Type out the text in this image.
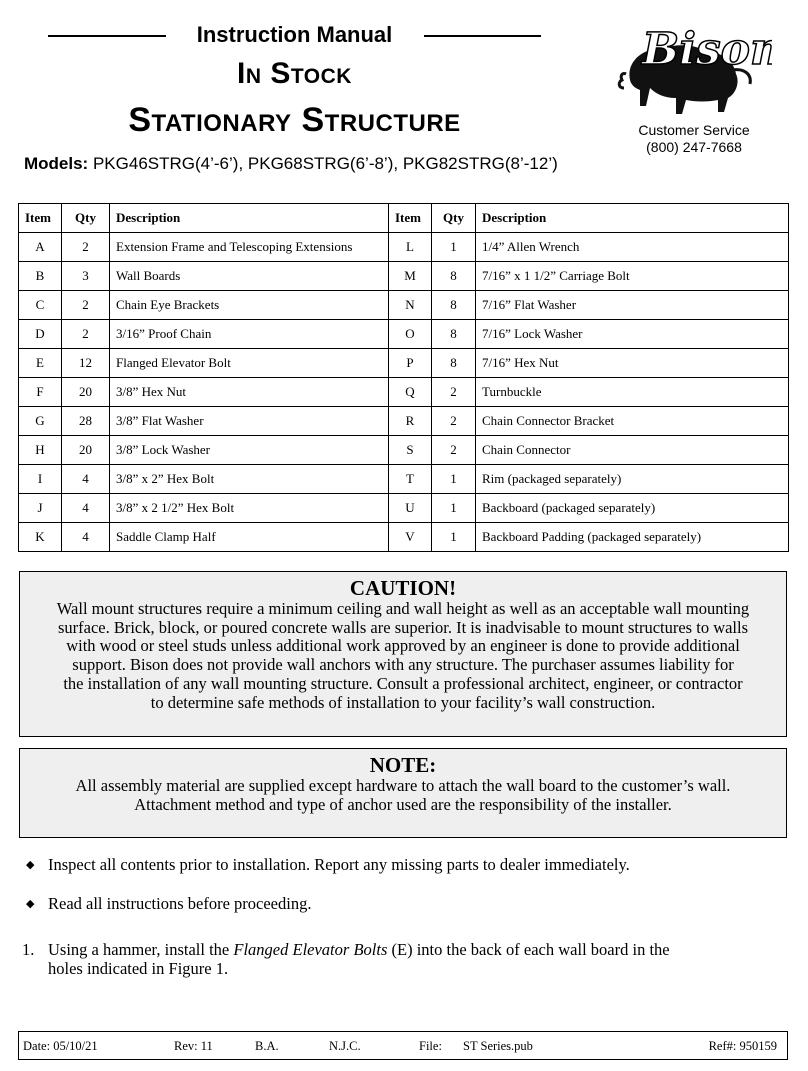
Instruction Manual
In Stock
Stationary Structure
Models: PKG46STRG(4’-6’), PKG68STRG(6’-8’), PKG82STRG(8’-12’)
Bison
Customer Service
(800) 247-7668
Item	Qty	Description	Item	Qty	Description
A	2	Extension Frame and Telescoping Extensions	L	1	1/4” Allen Wrench
B	3	Wall Boards	M	8	7/16” x 1 1/2” Carriage Bolt
C	2	Chain Eye Brackets	N	8	7/16” Flat Washer
D	2	3/16” Proof Chain	O	8	7/16” Lock Washer
E	12	Flanged Elevator Bolt	P	8	7/16” Hex Nut
F	20	3/8” Hex Nut	Q	2	Turnbuckle
G	28	3/8” Flat Washer	R	2	Chain Connector Bracket
H	20	3/8” Lock Washer	S	2	Chain Connector
I	4	3/8” x 2” Hex Bolt	T	1	Rim (packaged separately)
J	4	3/8” x 2 1/2” Hex Bolt	U	1	Backboard (packaged separately)
K	4	Saddle Clamp Half	V	1	Backboard Padding (packaged separately)
CAUTION!
Wall mount structures require a minimum ceiling and wall height as well as an acceptable wall mounting
surface. Brick, block, or poured concrete walls are superior. It is inadvisable to mount structures to walls
with wood or steel studs unless additional work approved by an engineer is done to provide additional
support. Bison does not provide wall anchors with any structure. The purchaser assumes liability for
the installation of any wall mounting structure. Consult a professional architect, engineer, or contractor
to determine safe methods of installation to your facility’s wall construction.
NOTE:
All assembly material are supplied except hardware to attach the wall board to the customer’s wall.
Attachment method and type of anchor used are the responsibility of the installer.
◆ Inspect all contents prior to installation. Report any missing parts to dealer immediately.
◆ Read all instructions before proceeding.
1. Using a hammer, install the Flanged Elevator Bolts (E) into the back of each wall board in the
holes indicated in Figure 1.
Date: 05/10/21	Rev: 11	B.A.	N.J.C.	File: ST Series.pub	Ref#: 950159
